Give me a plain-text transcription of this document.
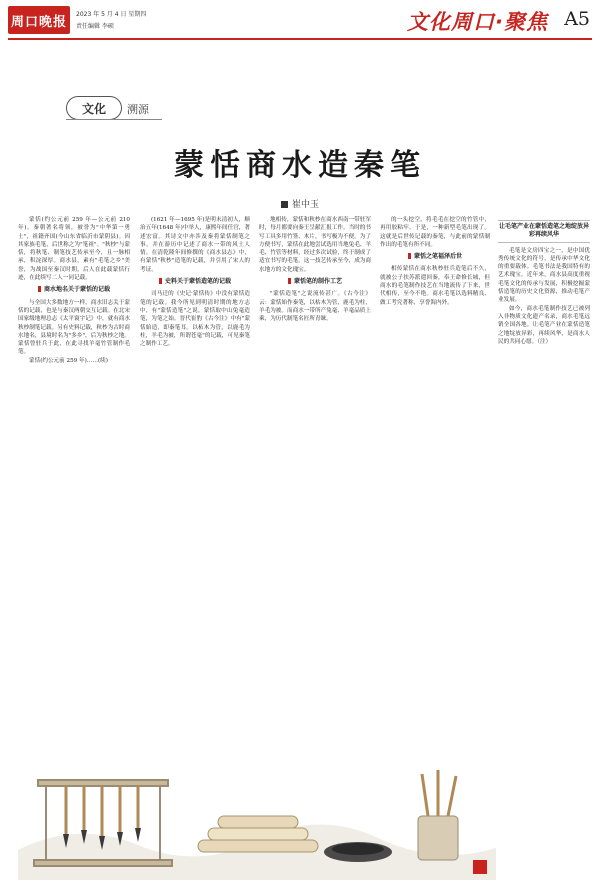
周口晚报	2023 年 5 月 4 日 星期四
责任编辑 李硕	文化周口·聚焦 A5
文化	溯源
蒙恬商水造秦笔
崔中玉

蒙恬(约公元前 259 年—公元前 210 年)，秦朝著名将领，被誉为"中华第一勇士"，祖籍齐国(今山东省临沂市蒙阴县)。因其家族毛笔，后世称之为"笔祖"。"秋杪"与蒙恬，将秋笔、制笔技艺传承至今，且一脉相承，积淀深厚。商水县，素有"毛笔之乡"美誉，为战国至秦汉时期，后人在此载蒙恬行迹，在此续写二人一同记载。

商水地名关于蒙恬的记载

与全国大多数地方一样，商水旧志关于蒙恬的记载，也是与秦汉两朝交互记载。在北宋国家级地理总志《太平寰宇记》中，就有商水秋杪制笔记载。另有史料记载，秋杪为古时商水地名，县境时名为"多乡"，后为秋杪之地。蒙恬曾驻兵于此，在此寻找羊毫竹管制作毛笔。

蒙恬(约公元前 259 年)……(续)

(1621 年—1695 年)是明末清初人，顺治五年(1648 年)中举人，康熙年间任官，著述宏富。其诗文中亦涉及秦将蒙恬制笔之事，并在游历中记述了商水一带的风土人情。在清乾隆年间修撰的《商水县志》中，有蒙恬"秋杪"造笔的记载，并引用了宋人的考证。

史料关于蒙恬造笔的记载

司马迁的《史记·蒙恬传》中没有蒙恬造笔的记载。我今所见到明清时期的地方志中，有"蒙恬造笔"之说。蒙恬取中山兔毫造笔，为笔之始。晋代崔豹《古今注》中有"蒙恬始造，即秦笔耳。以柘木为管，以鹿毛为柱，羊毛为被，所谓苍毫"的记载，可见秦笔之制作工艺。

地相传，蒙恬和秋杪在商水西南一带驻军时，每月都要向秦王呈献汇报工作。当时的书写工具多用竹签、木片，书写极为不便。为了方便书写，蒙恬在此地尝试选用当地兔毛、羊毛、竹管等材料，经过多次试验，终于制成了适宜书写的毛笔。这一技艺传承至今，成为商水地方的文化瑰宝。

蒙恬笔的制作工艺

"蒙恬造笔"之说流传甚广。《古今注》云：蒙恬始作秦笔，以枯木为管，鹿毛为柱，羊毛为被。而商水一带所产兔毫、羊毫品质上乘，为历代制笔名匠所青睐。

的一头挖空，将毛毛在挖空的竹管中，再用胶粘牢。于是，一种新型毛笔出现了。这就是后世传记载的秦笔，与此前的蒙恬制作出的毛笔有所不同。

蒙恬之笔福泽后世

相传蒙恬在商水秋杪驻兵造笔后不久，就被公子扶苏派遣回秦，奉王命修长城，但商水的毛笔制作技艺在当地流传了下来，世代相传，至今不绝。商水毛笔以选料精良、做工考究著称，享誉海内外。

让毛笔产业在蒙恬造笔之地绽放异彩再续风华

毛笔是文房四宝之一，是中国优秀传统文化的符号，是传承中华文化的重要载体。毛笔书法是我国特有的艺术瑰宝。近年来，商水县高度重视毛笔文化的传承与发展，积极挖掘蒙恬造笔的历史文化资源，推动毛笔产业发展。

如今，商水毛笔制作技艺已被列入非物质文化遗产名录，商水毛笔远销全国各地。让毛笔产业在蒙恬造笔之地绽放异彩，再续风华，是商水人民的共同心愿。（注）
